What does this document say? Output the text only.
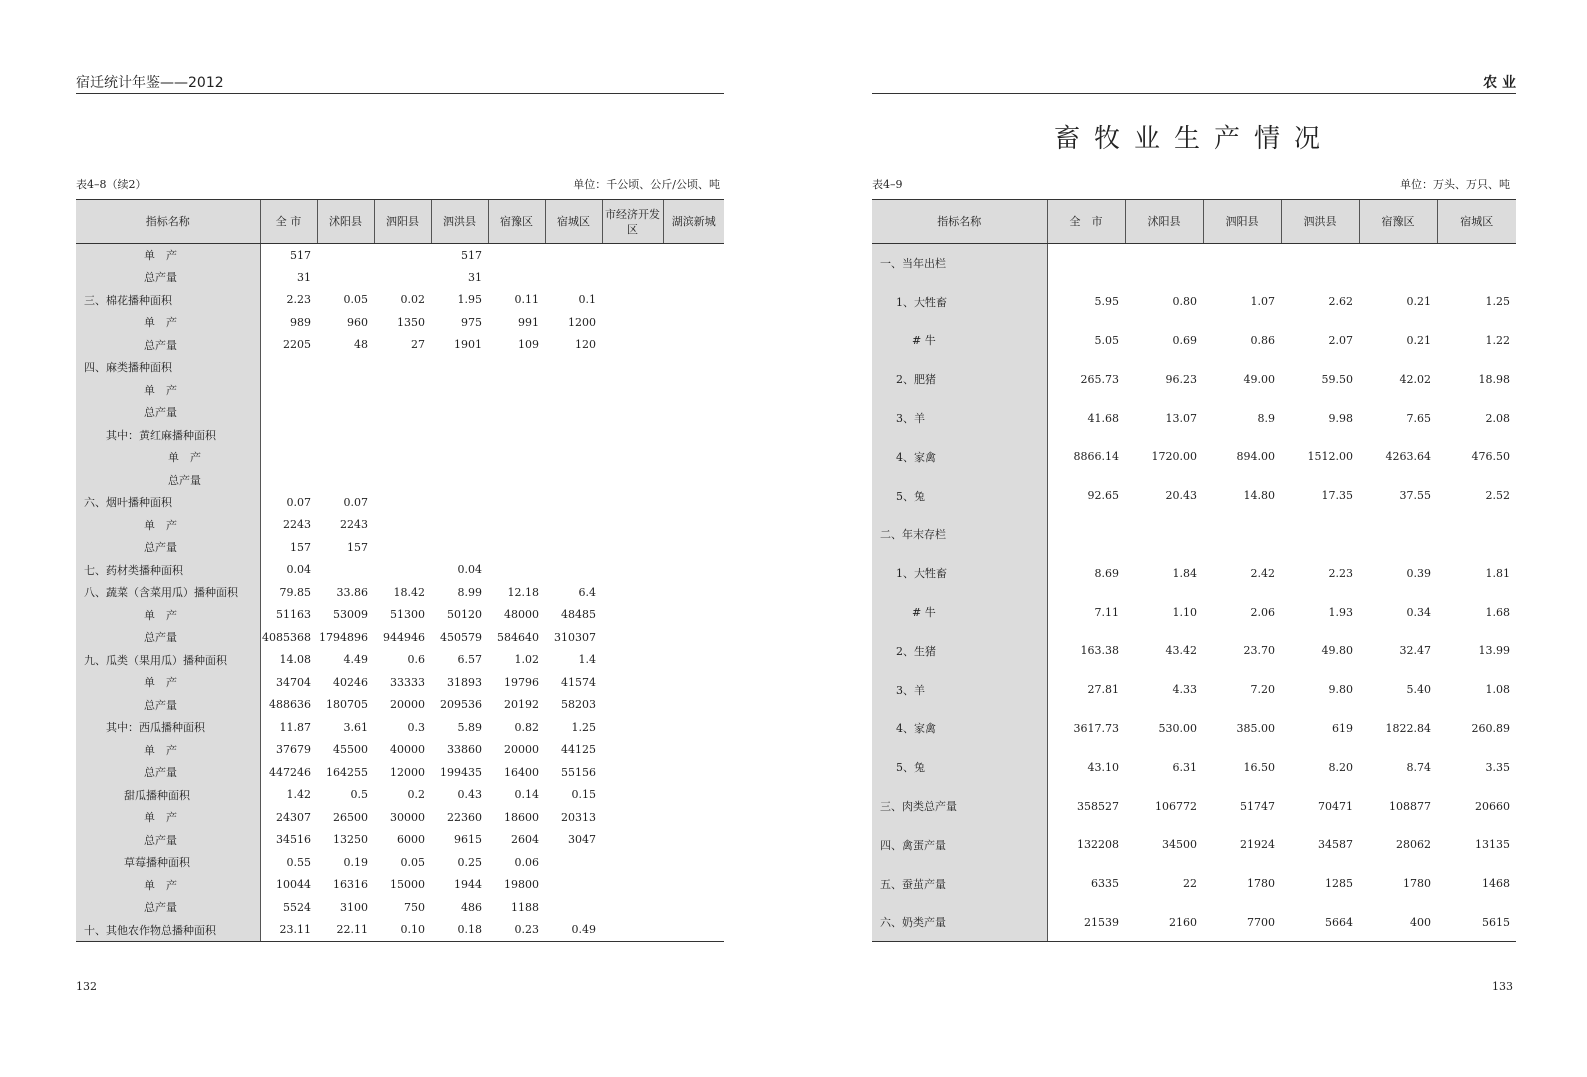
宿迁统计年鉴——2012
表4–8（续2）	单位：千公顷、公斤/公顷、吨
指标名称	全 市	沭阳县	泗阳县	泗洪县	宿豫区	宿城区	市经济开发区	湖滨新城
单　产	517			517				
总产量	31			31				
三、棉花播种面积	2.23	0.05	0.02	1.95	0.11	0.1		
单　产	989	960	1350	975	991	1200		
总产量	2205	48	27	1901	109	120		
四、麻类播种面积								
单　产								
总产量								
其中：黄红麻播种面积								
单　产								
总产量								
六、烟叶播种面积	0.07	0.07						
单　产	2243	2243						
总产量	157	157						
七、药材类播种面积	0.04			0.04				
八、蔬菜（含菜用瓜）播种面积	79.85	33.86	18.42	8.99	12.18	6.4		
单　产	51163	53009	51300	50120	48000	48485		
总产量	4085368	1794896	944946	450579	584640	310307		
九、瓜类（果用瓜）播种面积	14.08	4.49	0.6	6.57	1.02	1.4		
单　产	34704	40246	33333	31893	19796	41574		
总产量	488636	180705	20000	209536	20192	58203		
其中：西瓜播种面积	11.87	3.61	0.3	5.89	0.82	1.25		
单　产	37679	45500	40000	33860	20000	44125		
总产量	447246	164255	12000	199435	16400	55156		
甜瓜播种面积	1.42	0.5	0.2	0.43	0.14	0.15		
单　产	24307	26500	30000	22360	18600	20313		
总产量	34516	13250	6000	9615	2604	3047		
草莓播种面积	0.55	0.19	0.05	0.25	0.06			
单　产	10044	16316	15000	1944	19800			
总产量	5524	3100	750	486	1188			
十、其他农作物总播种面积	23.11	22.11	0.10	0.18	0.23	0.49		
132
农 业
畜牧业生产情况
表4–9	单位：万头、万只、吨
指标名称	全　市	沭阳县	泗阳县	泗洪县	宿豫区	宿城区
一、当年出栏						
1、大牲畜	5.95	0.80	1.07	2.62	0.21	1.25
# 牛	5.05	0.69	0.86	2.07	0.21	1.22
2、肥猪	265.73	96.23	49.00	59.50	42.02	18.98
3、羊	41.68	13.07	8.9	9.98	7.65	2.08
4、家禽	8866.14	1720.00	894.00	1512.00	4263.64	476.50
5、兔	92.65	20.43	14.80	17.35	37.55	2.52
二、年末存栏						
1、大牲畜	8.69	1.84	2.42	2.23	0.39	1.81
# 牛	7.11	1.10	2.06	1.93	0.34	1.68
2、生猪	163.38	43.42	23.70	49.80	32.47	13.99
3、羊	27.81	4.33	7.20	9.80	5.40	1.08
4、家禽	3617.73	530.00	385.00	619	1822.84	260.89
5、兔	43.10	6.31	16.50	8.20	8.74	3.35
三、肉类总产量	358527	106772	51747	70471	108877	20660
四、禽蛋产量	132208	34500	21924	34587	28062	13135
五、蚕茧产量	6335	22	1780	1285	1780	1468
六、奶类产量	21539	2160	7700	5664	400	5615
133
